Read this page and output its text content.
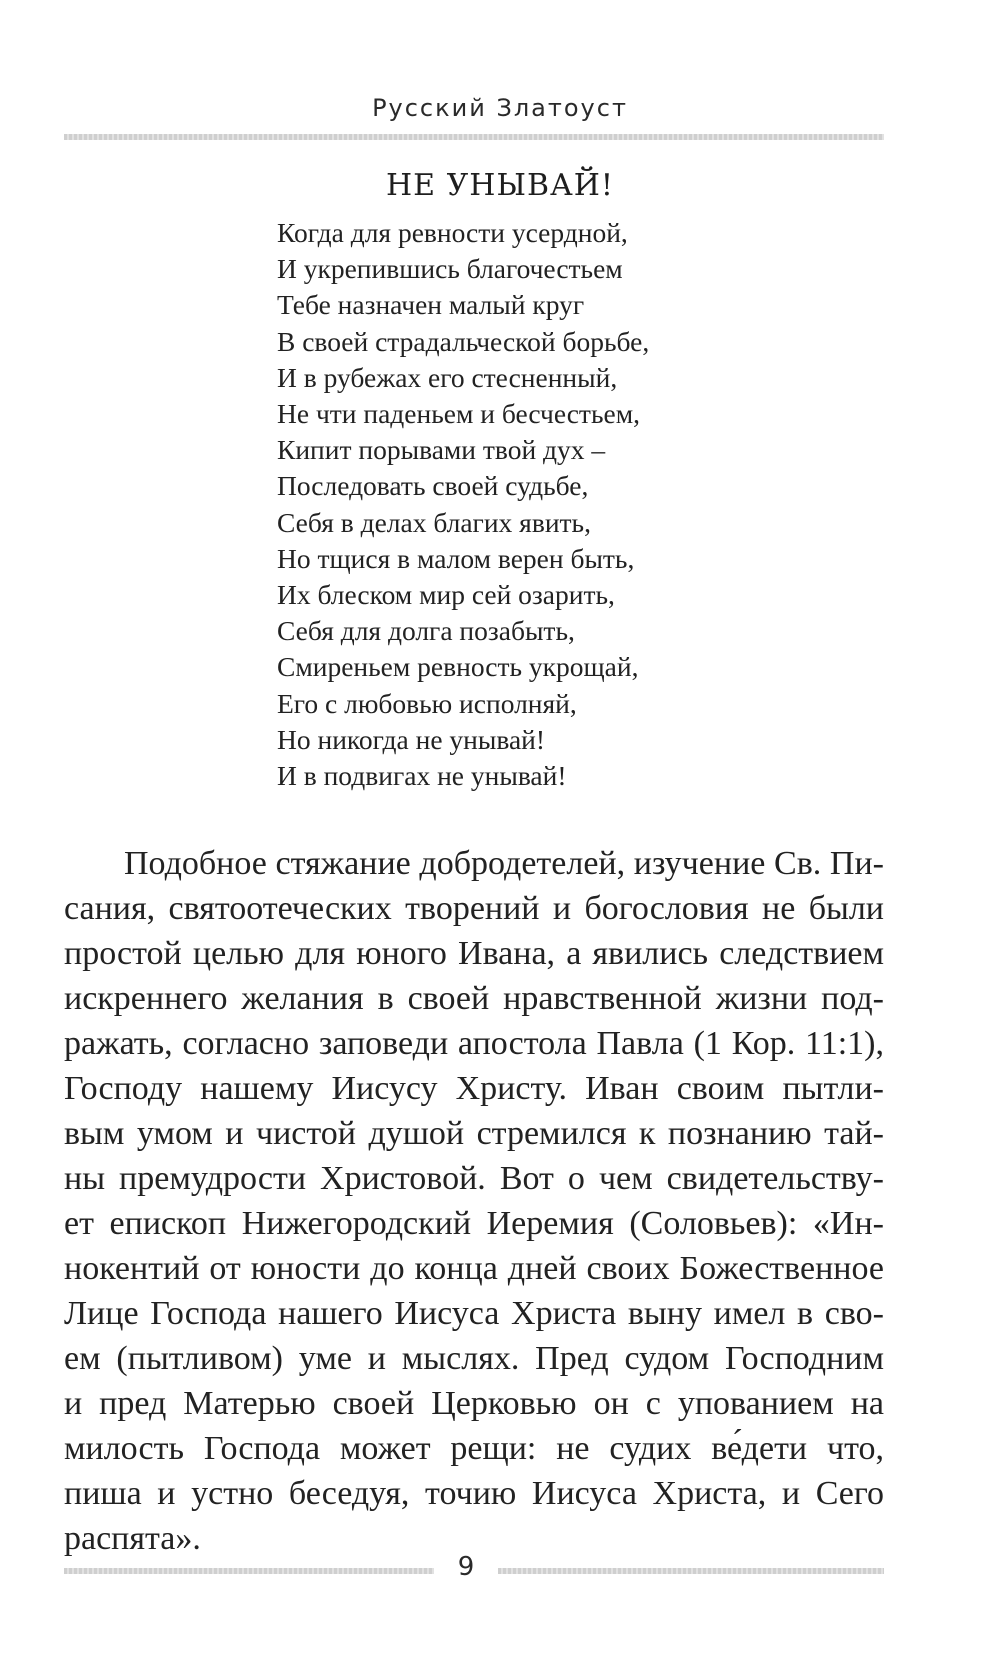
Русский Златоуст
НЕ УНЫВАЙ!
Когда для ревности усердной,
И укрепившись благочестьем
Тебе назначен малый круг
В своей страдальческой борьбе,
И в рубежах его стесненный,
Не чти паденьем и бесчестьем,
Кипит порывами твой дух –
Последовать своей судьбе,
Себя в делах благих явить,
Но тщися в малом верен быть,
Их блеском мир сей озарить,
Себя для долга позабыть,
Смиреньем ревность укрощай,
Его с любовью исполняй,
Но никогда не унывай!
И в подвигах не унывай!
Подобное стяжание добродетелей, изучение Св. Пи-
сания, святоотеческих творений и богословия не были
простой целью для юного Ивана, а явились следствием
искреннего желания в своей нравственной жизни под-
ражать, согласно заповеди апостола Павла (1 Кор. 11:1),
Господу нашему Иисусу Христу. Иван своим пытли-
вым умом и чистой душой стремился к познанию тай-
ны премудрости Христовой. Вот о чем свидетельству-
ет епископ Нижегородский Иеремия (Соловьев): «Ин-
нокентий от юности до конца дней своих Божественное
Лице Господа нашего Иисуса Христа выну имел в сво-
ем (пытливом) уме и мыслях. Пред судом Господним
и пред Матерью своей Церковью он с упованием на
милость Господа может рещи: не судих ве́дети что,
пиша и устно беседуя, точию Иисуса Христа, и Сего
распята».
9
